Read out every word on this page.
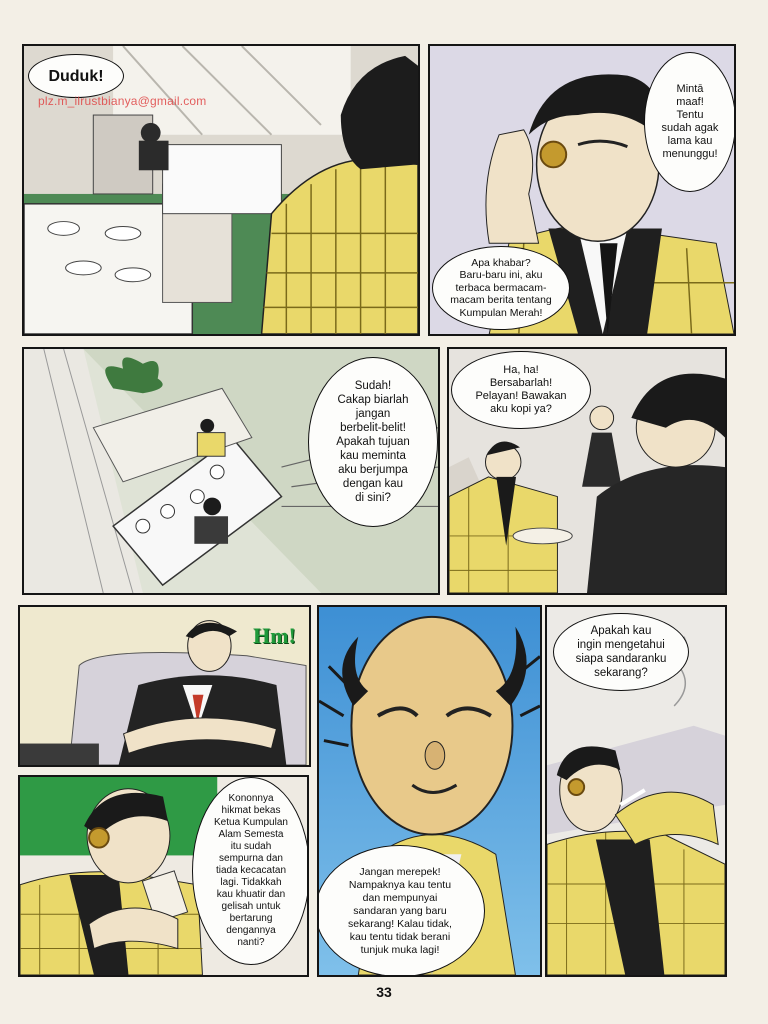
Duduk!
plz.m_ilrustbianya@gmail.com
Mintā
maaf!
Tentu
sudah agak
lama kau
menunggu!
Apa khabar?
Baru-baru ini, aku
terbaca bermacam-
macam berita tentang
Kumpulan Merah!
Sudah!
Cakap biarlah
jangan
berbelit-belit!
Apakah tujuan
kau meminta
aku berjumpa
dengan kau
di sini?
Ha, ha!
Bersabarlah!
Pelayan! Bawakan
aku kopi ya?
Hm!
Jangan merepek!
Nampaknya kau tentu
dan mempunyai
sandaran yang baru
sekarang! Kalau tidak,
kau tentu tidak berani
tunjuk muka lagi!
Apakah kau
ingin mengetahui
siapa sandaranku
sekarang?
Kononnya
hikmat bekas
Ketua Kumpulan
Alam Semesta
itu sudah
sempurna dan
tiada kecacatan
lagi. Tidakkah
kau khuatir dan
gelisah untuk
bertarung
dengannya
nanti?
33
